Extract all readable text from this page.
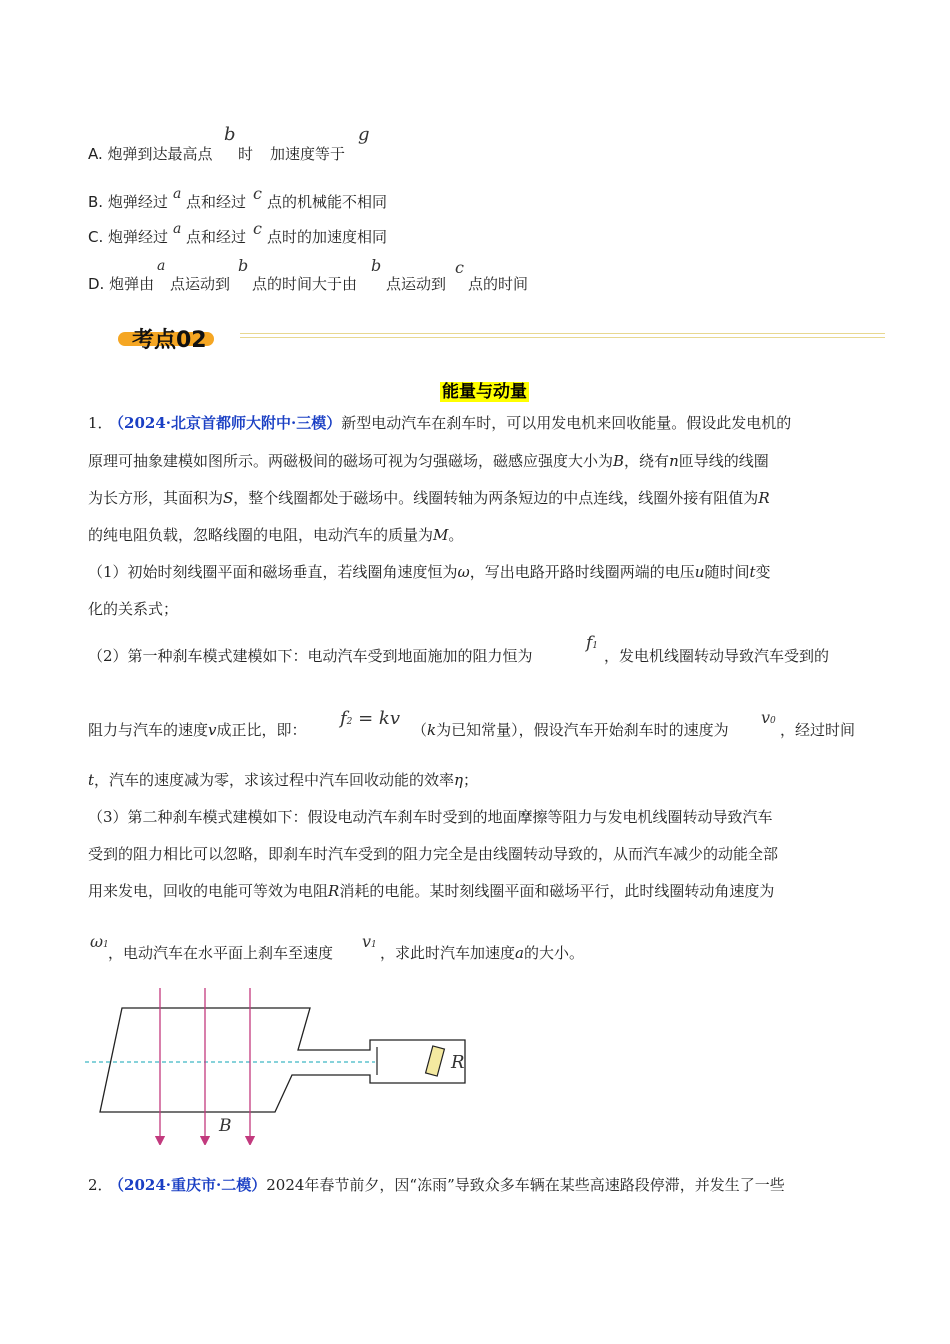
A. 炮弹到达最高点
b
时 加速度等于
g
B. 炮弹经过 a 点和经过 c 点的机械能不相同
C. 炮弹经过 a 点和经过 c 点时的加速度相同
D. 炮弹由
a
点运动到
b
点的时间大于由
b
点运动到
c
点的时间
考点02
能量与动量
1． （2024·北京首都师大附中·三模）新型电动汽车在刹车时，可以用发电机来回收能量。假设此发电机的
原理可抽象建模如图所示。两磁极间的磁场可视为匀强磁场，磁感应强度大小为B，绕有n匝导线的线圈
为长方形，其面积为S，整个线圈都处于磁场中。线圈转轴为两条短边的中点连线，线圈外接有阻值为R
的纯电阻负载，忽略线圈的电阻，电动汽车的质量为M。
（1）初始时刻线圈平面和磁场垂直，若线圈角速度恒为ω，写出电路开路时线圈两端的电压u随时间t变
化的关系式；
（2）第一种刹车模式建模如下：电动汽车受到地面施加的阻力恒为
f1
，发电机线圈转动导致汽车受到的
阻力与汽车的速度v成正比，即：
f2 = kv
（k为已知常量），假设汽车开始刹车时的速度为
v0 ，经过时间
t，汽车的速度减为零，求该过程中汽车回收动能的效率η；
（3）第二种刹车模式建模如下：假设电动汽车刹车时受到的地面摩擦等阻力与发电机线圈转动导致汽车
受到的阻力相比可以忽略，即刹车时汽车受到的阻力完全是由线圈转动导致的，从而汽车减少的动能全部
用来发电，回收的电能可等效为电阻R消耗的电能。某时刻线圈平面和磁场平行，此时线圈转动角速度为
ω1 ，电动汽车在水平面上刹车至速度
v1 ，求此时汽车加速度a的大小。
R
B
2． （2024·重庆市·二模）2024年春节前夕，因“冻雨”导致众多车辆在某些高速路段停滞，并发生了一些
